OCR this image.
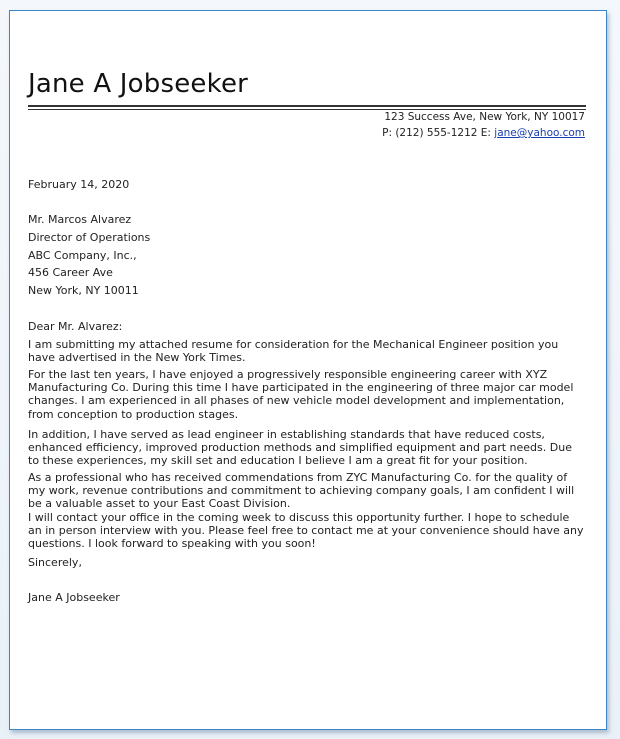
Jane A Jobseeker
123 Success Ave, New York, NY 10017
P: (212) 555-1212 E: jane@yahoo.com
February 14, 2020
Mr. Marcos Alvarez
Director of Operations
ABC Company, Inc.,
456 Career Ave
New York, NY 10011
Dear Mr. Alvarez:

I am submitting my attached resume for consideration for the Mechanical Engineer position you have advertised in the New York Times.

For the last ten years, I have enjoyed a progressively responsible engineering career with XYZ Manufacturing Co. During this time I have participated in the engineering of three major car model changes. I am experienced in all phases of new vehicle model development and implementation, from conception to production stages.

In addition, I have served as lead engineer in establishing standards that have reduced costs, enhanced efficiency, improved production methods and simplified equipment and part needs. Due to these experiences, my skill set and education I believe I am a great fit for your position.

As a professional who has received commendations from ZYC Manufacturing Co. for the quality of my work, revenue contributions and commitment to achieving company goals, I am confident I will be a valuable asset to your East Coast Division.

I will contact your office in the coming week to discuss this opportunity further. I hope to schedule an in person interview with you. Please feel free to contact me at your convenience should have any questions. I look forward to speaking with you soon!

Sincerely,
Jane A Jobseeker
